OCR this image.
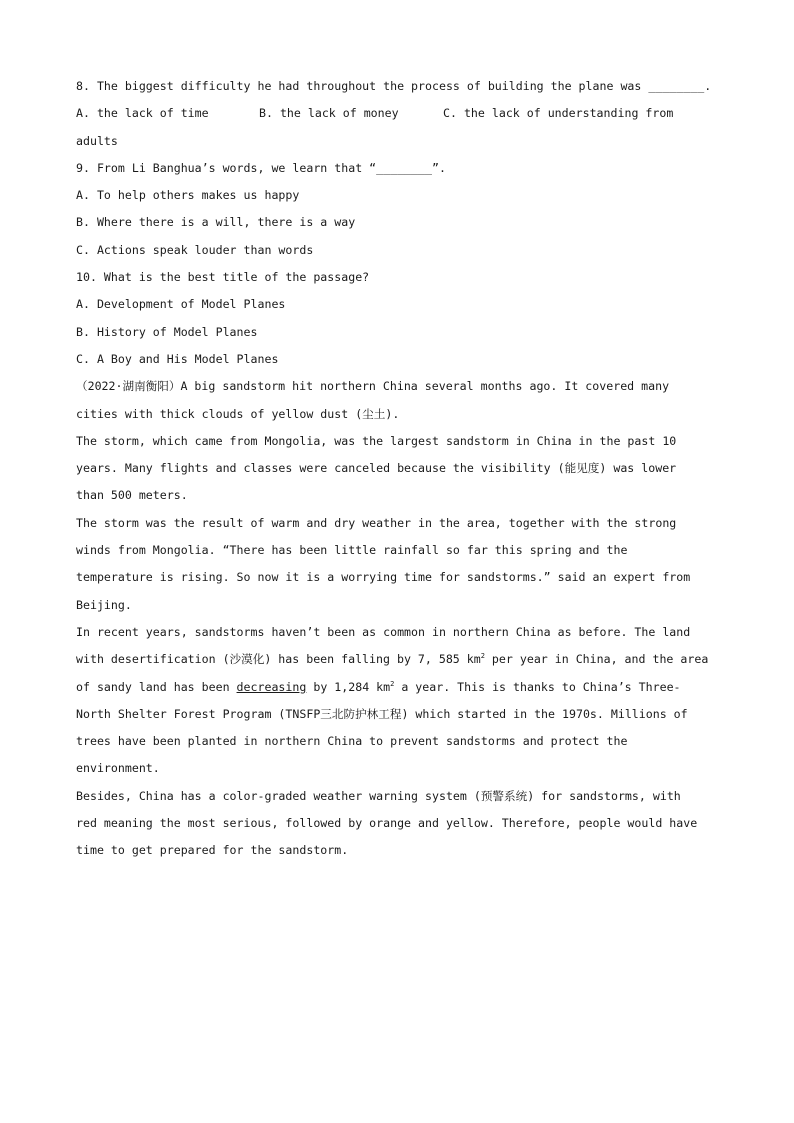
8. The biggest difficulty he had throughout the process of building the plane was ________.
A. the lack of time	B. the lack of money	C. the lack of understanding from
adults
9. From Li Banghua’s words, we learn that “________”.
A. To help others makes us happy
B. Where there is a will, there is a way
C. Actions speak louder than words
10. What is the best title of the passage?
A. Development of Model Planes
B. History of Model Planes
C. A Boy and His Model Planes
（2022·湖南衡阳）A big sandstorm hit northern China several months ago. It covered many
cities with thick clouds of yellow dust (尘土).
The storm, which came from Mongolia, was the largest sandstorm in China in the past 10
years. Many flights and classes were canceled because the visibility (能见度) was lower
than 500 meters.
The storm was the result of warm and dry weather in the area, together with the strong
winds from Mongolia. “There has been little rainfall so far this spring and the
temperature is rising. So now it is a worrying time for sandstorms.” said an expert from
Beijing.
In recent years, sandstorms haven’t been as common in northern China as before. The land
with desertification (沙漠化) has been falling by 7, 585 $km^2$ per year in China, and the area
of sandy land has been decreasing by 1,284 $km^2$ a year. This is thanks to China’s Three-
North Shelter Forest Program (TNSFP三北防护林工程) which started in the 1970s. Millions of
trees have been planted in northern China to prevent sandstorms and protect the
environment.
Besides, China has a color-graded weather warning system (预警系统) for sandstorms, with
red meaning the most serious, followed by orange and yellow. Therefore, people would have
time to get prepared for the sandstorm.
